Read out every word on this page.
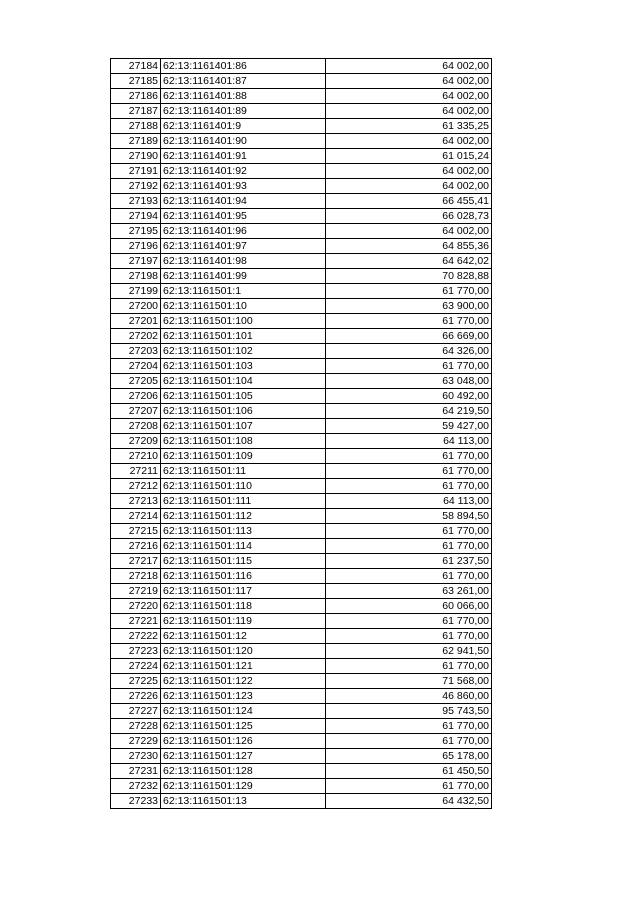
27184	62:13:1161401:86	64 002,00
27185	62:13:1161401:87	64 002,00
27186	62:13:1161401:88	64 002,00
27187	62:13:1161401:89	64 002,00
27188	62:13:1161401:9	61 335,25
27189	62:13:1161401:90	64 002,00
27190	62:13:1161401:91	61 015,24
27191	62:13:1161401:92	64 002,00
27192	62:13:1161401:93	64 002,00
27193	62:13:1161401:94	66 455,41
27194	62:13:1161401:95	66 028,73
27195	62:13:1161401:96	64 002,00
27196	62:13:1161401:97	64 855,36
27197	62:13:1161401:98	64 642,02
27198	62:13:1161401:99	70 828,88
27199	62:13:1161501:1	61 770,00
27200	62:13:1161501:10	63 900,00
27201	62:13:1161501:100	61 770,00
27202	62:13:1161501:101	66 669,00
27203	62:13:1161501:102	64 326,00
27204	62:13:1161501:103	61 770,00
27205	62:13:1161501:104	63 048,00
27206	62:13:1161501:105	60 492,00
27207	62:13:1161501:106	64 219,50
27208	62:13:1161501:107	59 427,00
27209	62:13:1161501:108	64 113,00
27210	62:13:1161501:109	61 770,00
27211	62:13:1161501:11	61 770,00
27212	62:13:1161501:110	61 770,00
27213	62:13:1161501:111	64 113,00
27214	62:13:1161501:112	58 894,50
27215	62:13:1161501:113	61 770,00
27216	62:13:1161501:114	61 770,00
27217	62:13:1161501:115	61 237,50
27218	62:13:1161501:116	61 770,00
27219	62:13:1161501:117	63 261,00
27220	62:13:1161501:118	60 066,00
27221	62:13:1161501:119	61 770,00
27222	62:13:1161501:12	61 770,00
27223	62:13:1161501:120	62 941,50
27224	62:13:1161501:121	61 770,00
27225	62:13:1161501:122	71 568,00
27226	62:13:1161501:123	46 860,00
27227	62:13:1161501:124	95 743,50
27228	62:13:1161501:125	61 770,00
27229	62:13:1161501:126	61 770,00
27230	62:13:1161501:127	65 178,00
27231	62:13:1161501:128	61 450,50
27232	62:13:1161501:129	61 770,00
27233	62:13:1161501:13	64 432,50
